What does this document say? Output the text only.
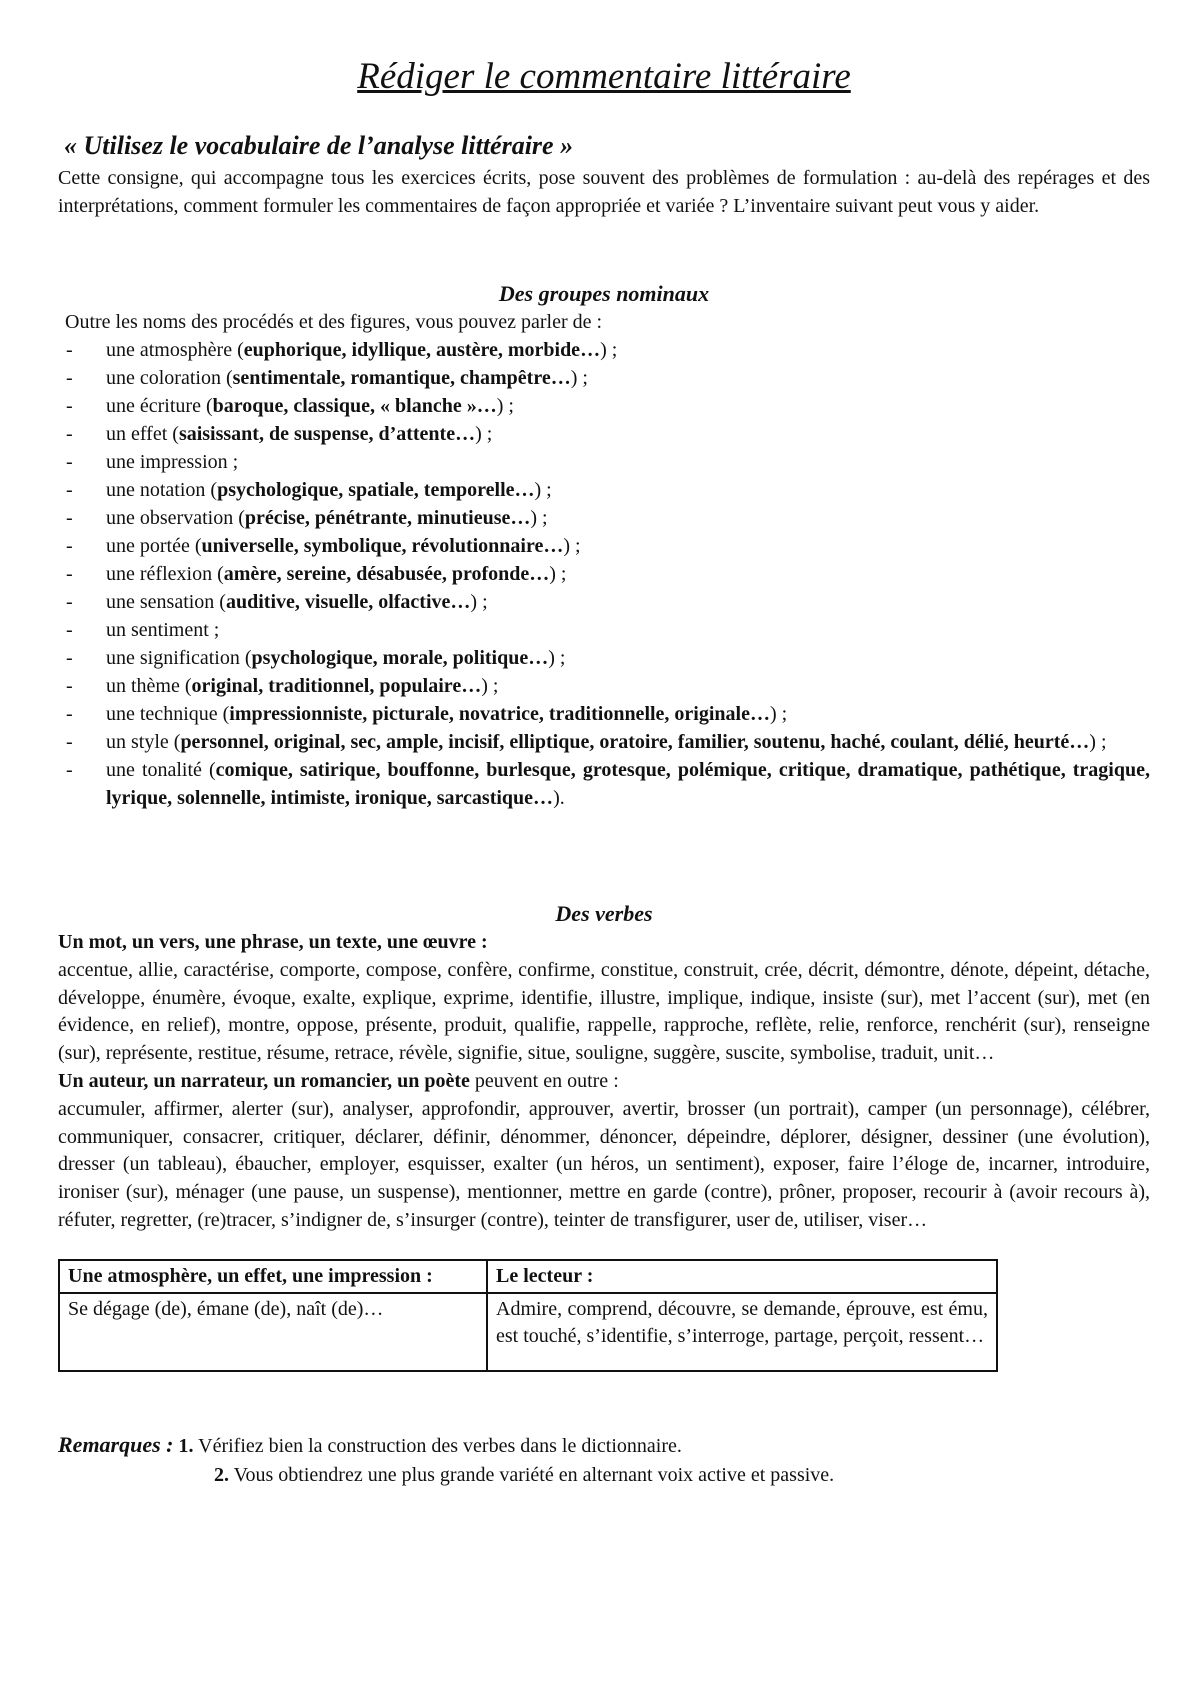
Rédiger le commentaire littéraire
« Utilisez le vocabulaire de l’analyse littéraire »

Cette consigne, qui accompagne tous les exercices écrits, pose souvent des problèmes de formulation : au-delà des repérages et des interprétations, comment formuler les commentaires de façon appropriée et variée ? L’inventaire suivant peut vous y aider.

Des groupes nominaux

Outre les noms des procédés et des figures, vous pouvez parler de :

- une atmosphère (euphorique, idyllique, austère, morbide…) ;
- une coloration (sentimentale, romantique, champêtre…) ;
- une écriture (baroque, classique, « blanche »…) ;
- un effet (saisissant, de suspense, d’attente…) ;
- une impression ;
- une notation (psychologique, spatiale, temporelle…) ;
- une observation (précise, pénétrante, minutieuse…) ;
- une portée (universelle, symbolique, révolutionnaire…) ;
- une réflexion (amère, sereine, désabusée, profonde…) ;
- une sensation (auditive, visuelle, olfactive…) ;
- un sentiment ;
- une signification (psychologique, morale, politique…) ;
- un thème (original, traditionnel, populaire…) ;
- une technique (impressionniste, picturale, novatrice, traditionnelle, originale…) ;
- un style (personnel, original, sec, ample, incisif, elliptique, oratoire, familier, soutenu, haché, coulant, délié, heurté…) ;
- une tonalité (comique, satirique, bouffonne, burlesque, grotesque, polémique, critique, dramatique, pathétique, tragique, lyrique, solennelle, intimiste, ironique, sarcastique…).
Des verbes
Un mot, un vers, une phrase, un texte, une œuvre :
accentue, allie, caractérise, comporte, compose, confère, confirme, constitue, construit, crée, décrit, démontre, dénote, dépeint, détache, développe, énumère, évoque, exalte, explique, exprime, identifie, illustre, implique, indique, insiste (sur), met l’accent (sur), met (en évidence, en relief), montre, oppose, présente, produit, qualifie, rappelle, rapproche, reflète, relie, renforce, renchérit (sur), renseigne (sur), représente, restitue, résume, retrace, révèle, signifie, situe, souligne, suggère, suscite, symbolise, traduit, unit…
Un auteur, un narrateur, un romancier, un poète peuvent en outre :
accumuler, affirmer, alerter (sur), analyser, approfondir, approuver, avertir, brosser (un portrait), camper (un personnage), célébrer, communiquer, consacrer, critiquer, déclarer, définir, dénommer, dénoncer, dépeindre, déplorer, désigner, dessiner (une évolution), dresser (un tableau), ébaucher, employer, esquisser, exalter (un héros, un sentiment), exposer, faire l’éloge de, incarner, introduire, ironiser (sur), ménager (une pause, un suspense), mentionner, mettre en garde (contre), prôner, proposer, recourir à (avoir recours à), réfuter, regretter, (re)tracer, s’indigner de, s’insurger (contre), teinter de transfigurer, user de, utiliser, viser…
Une atmosphère, un effet, une impression :	Le lecteur :
Se dégage (de), émane (de), naît (de)…	Admire, comprend, découvre, se demande, éprouve, est ému, est touché, s’identifie, s’interroge, partage, perçoit, ressent…
Remarques : 1. Vérifiez bien la construction des verbes dans le dictionnaire.
2. Vous obtiendrez une plus grande variété en alternant voix active et passive.
